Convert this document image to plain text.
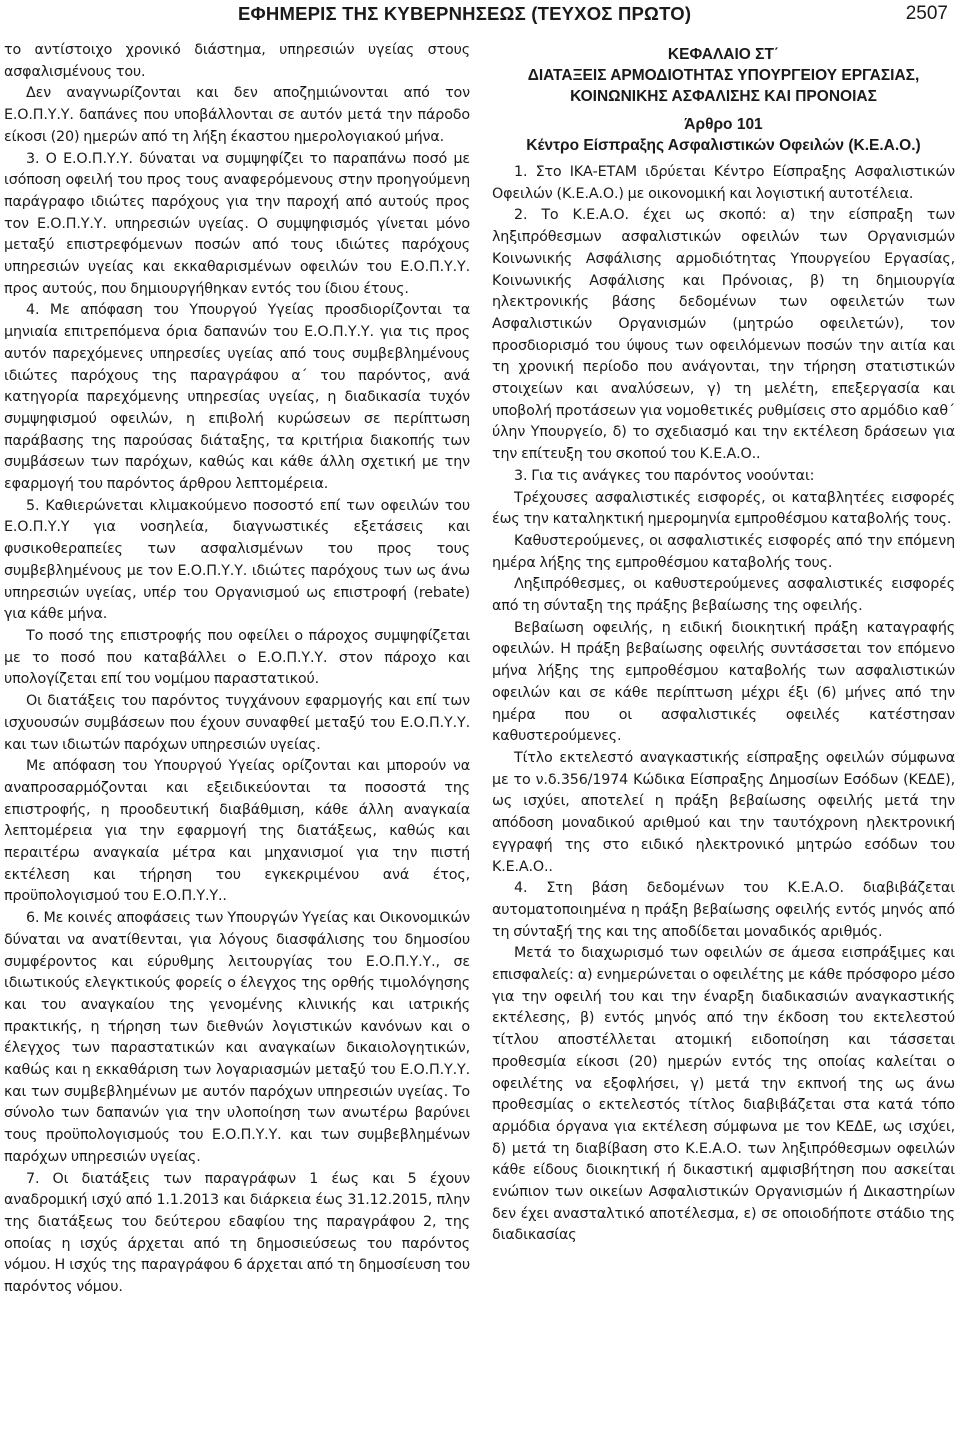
ΕΦΗΜΕΡΙΣ ΤΗΣ ΚΥΒΕΡΝΗΣΕΩΣ (ΤΕΥΧΟΣ ΠΡΩΤΟ)	2507

το αντίστοιχο χρονικό διάστημα, υπηρεσιών υγείας στους ασφαλισμένους του.

Δεν αναγνωρίζονται και δεν αποζημιώνονται από τον Ε.Ο.Π.Υ.Υ. δαπάνες που υποβάλλονται σε αυτόν μετά την πάροδο είκοσι (20) ημερών από τη λήξη έκαστου ημερολογιακού μήνα.

3. Ο Ε.Ο.Π.Υ.Υ. δύναται να συμψηφίζει το παραπάνω ποσό με ισόποση οφειλή του προς τους αναφερόμενους στην προηγούμενη παράγραφο ιδιώτες παρόχους για την παροχή από αυτούς προς τον Ε.Ο.Π.Υ.Υ. υπηρεσιών υγείας. Ο συμψηφισμός γίνεται μόνο μεταξύ επιστρεφόμενων ποσών από τους ιδιώτες παρόχους υπηρεσιών υγείας και εκκαθαρισμένων οφειλών του Ε.Ο.Π.Υ.Υ. προς αυτούς, που δημιουργήθηκαν εντός του ίδιου έτους.

4. Με απόφαση του Υπουργού Υγείας προσδιορίζονται τα μηνιαία επιτρεπόμενα όρια δαπανών του Ε.Ο.Π.Υ.Υ. για τις προς αυτόν παρεχόμενες υπηρεσίες υγείας από τους συμβεβλημένους ιδιώτες παρόχους της παραγράφου α΄ του παρόντος, ανά κατηγορία παρεχόμενης υπηρεσίας υγείας, η διαδικασία τυχόν συμψηφισμού οφειλών, η επιβολή κυρώσεων σε περίπτωση παράβασης της παρούσας διάταξης, τα κριτήρια διακοπής των συμβάσεων των παρόχων, καθώς και κάθε άλλη σχετική με την εφαρμογή του παρόντος άρθρου λεπτομέρεια.

5. Καθιερώνεται κλιμακούμενο ποσοστό επί των οφειλών του Ε.Ο.Π.Υ.Υ για νοσηλεία, διαγνωστικές εξετάσεις και φυσικοθεραπείες των ασφαλισμένων του προς τους συμβεβλημένους με τον Ε.Ο.Π.Υ.Υ. ιδιώτες παρόχους των ως άνω υπηρεσιών υγείας, υπέρ του Οργανισμού ως επιστροφή (rebate) για κάθε μήνα.

Το ποσό της επιστροφής που οφείλει ο πάροχος συμψηφίζεται με το ποσό που καταβάλλει ο Ε.Ο.Π.Υ.Υ. στον πάροχο και υπολογίζεται επί του νομίμου παραστατικού.

Οι διατάξεις του παρόντος τυγχάνουν εφαρμογής και επί των ισχυουσών συμβάσεων που έχουν συναφθεί μεταξύ του Ε.Ο.Π.Υ.Υ. και των ιδιωτών παρόχων υπηρεσιών υγείας.

Με απόφαση του Υπουργού Υγείας ορίζονται και μπορούν να αναπροσαρμόζονται και εξειδικεύονται τα ποσοστά της επιστροφής, η προοδευτική διαβάθμιση, κάθε άλλη αναγκαία λεπτομέρεια για την εφαρμογή της διατάξεως, καθώς και περαιτέρω αναγκαία μέτρα και μηχανισμοί για την πιστή εκτέλεση και τήρηση του εγκεκριμένου ανά έτος, προϋπολογισμού του Ε.Ο.Π.Υ.Υ..

6. Με κοινές αποφάσεις των Υπουργών Υγείας και Οικονομικών δύναται να ανατίθενται, για λόγους διασφάλισης του δημοσίου συμφέροντος και εύρυθμης λειτουργίας του Ε.Ο.Π.Υ.Υ., σε ιδιωτικούς ελεγκτικούς φορείς ο έλεγχος της ορθής τιμολόγησης και του αναγκαίου της γενομένης κλινικής και ιατρικής πρακτικής, η τήρηση των διεθνών λογιστικών κανόνων και ο έλεγχος των παραστατικών και αναγκαίων δικαιολογητικών, καθώς και η εκκαθάριση των λογαριασμών μεταξύ του Ε.Ο.Π.Υ.Υ. και των συμβεβλημένων με αυτόν παρόχων υπηρεσιών υγείας. Το σύνολο των δαπανών για την υλοποίηση των ανωτέρω βαρύνει τους προϋπολογισμούς του Ε.Ο.Π.Υ.Υ. και των συμβεβλημένων παρόχων υπηρεσιών υγείας.

7. Οι διατάξεις των παραγράφων 1 έως και 5 έχουν αναδρομική ισχύ από 1.1.2013 και διάρκεια έως 31.12.2015, πλην της διατάξεως του δεύτερου εδαφίου της παραγράφου 2, της οποίας η ισχύς άρχεται από τη δημοσιεύσεως του παρόντος νόμου. Η ισχύς της παραγράφου 6 άρχεται από τη δημοσίευση του παρόντος νόμου.

ΚΕΦΑΛΑΙΟ ΣΤ΄
ΔΙΑΤΑΞΕΙΣ ΑΡΜΟΔΙΟΤΗΤΑΣ ΥΠΟΥΡΓΕΙΟΥ ΕΡΓΑΣΙΑΣ,
ΚΟΙΝΩΝΙΚΗΣ ΑΣΦΑΛΙΣΗΣ ΚΑΙ ΠΡΟΝΟΙΑΣ
Άρθρο 101
Κέντρο Είσπραξης Ασφαλιστικών Οφειλών (Κ.Ε.Α.Ο.)

1. Στο ΙΚΑ-ΕΤΑΜ ιδρύεται Κέντρο Είσπραξης Ασφαλιστικών Οφειλών (Κ.Ε.Α.Ο.) με οικονομική και λογιστική αυτοτέλεια.

2. Το Κ.Ε.Α.Ο. έχει ως σκοπό: α) την είσπραξη των ληξιπρόθεσμων ασφαλιστικών οφειλών των Οργανισμών Κοινωνικής Ασφάλισης αρμοδιότητας Υπουργείου Εργασίας, Κοινωνικής Ασφάλισης και Πρόνοιας, β) τη δημιουργία ηλεκτρονικής βάσης δεδομένων των οφειλετών των Ασφαλιστικών Οργανισμών (μητρώο οφειλετών), τον προσδιορισμό του ύψους των οφειλόμενων ποσών την αιτία και τη χρονική περίοδο που ανάγονται, την τήρηση στατιστικών στοιχείων και αναλύσεων, γ) τη μελέτη, επεξεργασία και υποβολή προτάσεων για νομοθετικές ρυθμίσεις στο αρμόδιο καθ΄ ύλην Υπουργείο, δ) το σχεδιασμό και την εκτέλεση δράσεων για την επίτευξη του σκοπού του Κ.Ε.Α.Ο..

3. Για τις ανάγκες του παρόντος νοούνται:

Τρέχουσες ασφαλιστικές εισφορές, οι καταβλητέες εισφορές έως την καταληκτική ημερομηνία εμπροθέσμου καταβολής τους.

Καθυστερούμενες, οι ασφαλιστικές εισφορές από την επόμενη ημέρα λήξης της εμπροθέσμου καταβολής τους.

Ληξιπρόθεσμες, οι καθυστερούμενες ασφαλιστικές εισφορές από τη σύνταξη της πράξης βεβαίωσης της οφειλής.

Βεβαίωση οφειλής, η ειδική διοικητική πράξη καταγραφής οφειλών. Η πράξη βεβαίωσης οφειλής συντάσσεται τον επόμενο μήνα λήξης της εμπροθέσμου καταβολής των ασφαλιστικών οφειλών και σε κάθε περίπτωση μέχρι έξι (6) μήνες από την ημέρα που οι ασφαλιστικές οφειλές κατέστησαν καθυστερούμενες.

Τίτλο εκτελεστό αναγκαστικής είσπραξης οφειλών σύμφωνα με το ν.δ.356/1974 Κώδικα Είσπραξης Δημοσίων Εσόδων (ΚΕΔΕ), ως ισχύει, αποτελεί η πράξη βεβαίωσης οφειλής μετά την απόδοση μοναδικού αριθμού και την ταυτόχρονη ηλεκτρονική εγγραφή της στο ειδικό ηλεκτρονικό μητρώο εσόδων του Κ.Ε.Α.Ο..

4. Στη βάση δεδομένων του Κ.Ε.Α.Ο. διαβιβάζεται αυτοματοποιημένα η πράξη βεβαίωσης οφειλής εντός μηνός από τη σύνταξή της και της αποδίδεται μοναδικός αριθμός.

Μετά το διαχωρισμό των οφειλών σε άμεσα εισπράξιμες και επισφαλείς: α) ενημερώνεται ο οφειλέτης με κάθε πρόσφορο μέσο για την οφειλή του και την έναρξη διαδικασιών αναγκαστικής εκτέλεσης, β) εντός μηνός από την έκδοση του εκτελεστού τίτλου αποστέλλεται ατομική ειδοποίηση και τάσσεται προθεσμία είκοσι (20) ημερών εντός της οποίας καλείται ο οφειλέτης να εξοφλήσει, γ) μετά την εκπνοή της ως άνω προθεσμίας ο εκτελεστός τίτλος διαβιβάζεται στα κατά τόπο αρμόδια όργανα για εκτέλεση σύμφωνα με τον ΚΕΔΕ, ως ισχύει, δ) μετά τη διαβίβαση στο Κ.Ε.Α.Ο. των ληξιπρόθεσμων οφειλών κάθε είδους διοικητική ή δικαστική αμφισβήτηση που ασκείται ενώπιον των οικείων Ασφαλιστικών Οργανισμών ή Δικαστηρίων δεν έχει ανασταλτικό αποτέλεσμα, ε) σε οποιοδήποτε στάδιο της διαδικασίας
